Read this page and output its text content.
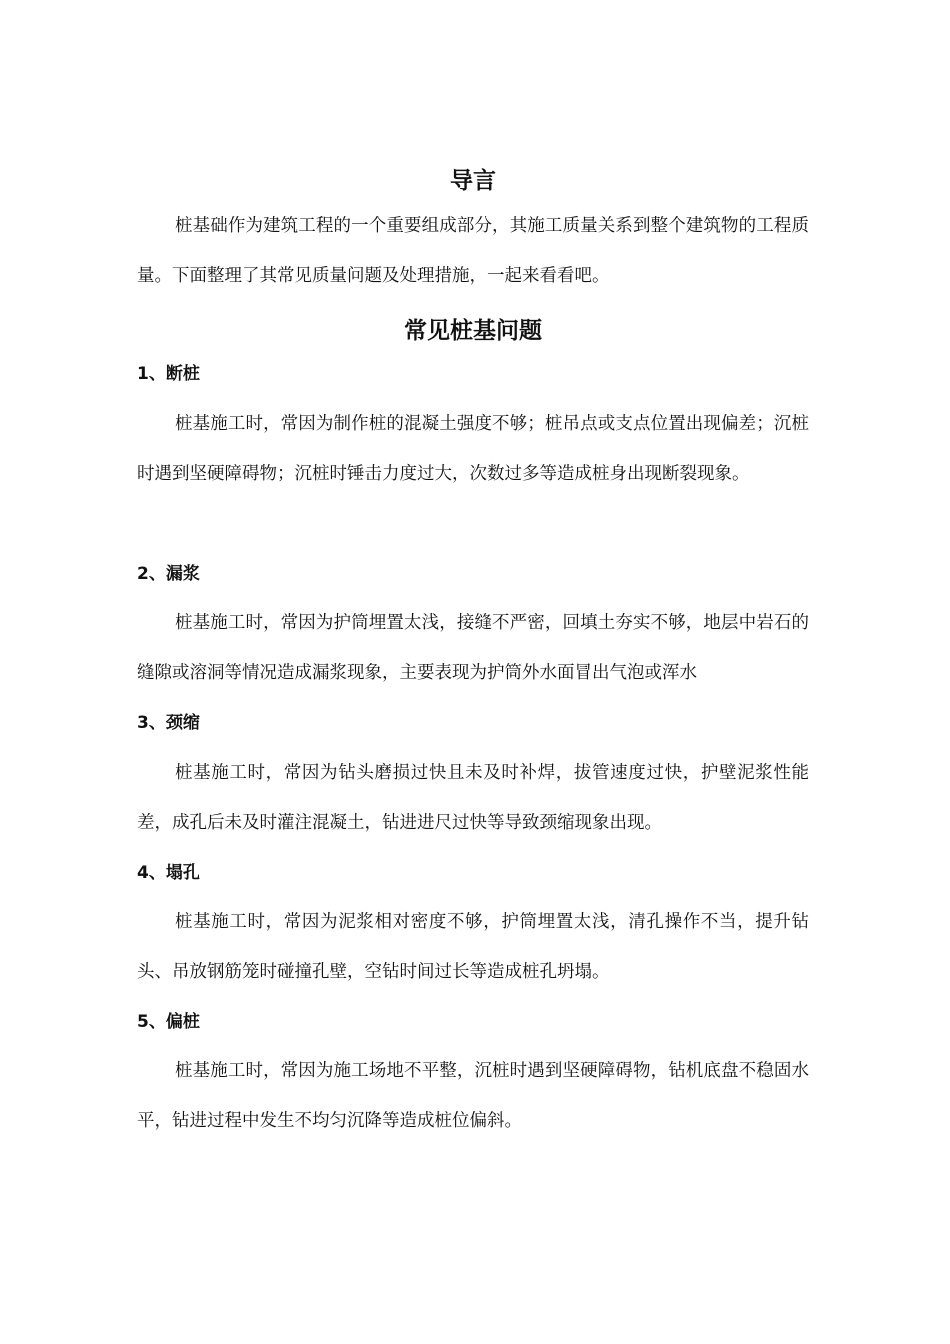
导言

桩基础作为建筑工程的一个重要组成部分，其施工质量关系到整个建筑物的工程质量。下面整理了其常见质量问题及处理措施，一起来看看吧。

常见桩基问题
1、断桩

桩基施工时，常因为制作桩的混凝土强度不够；桩吊点或支点位置出现偏差；沉桩时遇到坚硬障碍物；沉桩时锤击力度过大，次数过多等造成桩身出现断裂现象。

2、漏浆

桩基施工时，常因为护筒埋置太浅，接缝不严密，回填土夯实不够，地层中岩石的缝隙或溶洞等情况造成漏浆现象，主要表现为护筒外水面冒出气泡或浑水

3、颈缩

桩基施工时，常因为钻头磨损过快且未及时补焊，拔管速度过快，护壁泥浆性能差，成孔后未及时灌注混凝土，钻进进尺过快等导致颈缩现象出现。

4、塌孔

桩基施工时，常因为泥浆相对密度不够，护筒埋置太浅，清孔操作不当，提升钻头、吊放钢筋笼时碰撞孔壁，空钻时间过长等造成桩孔坍塌。

5、偏桩

桩基施工时，常因为施工场地不平整，沉桩时遇到坚硬障碍物，钻机底盘不稳固水平，钻进过程中发生不均匀沉降等造成桩位偏斜。
